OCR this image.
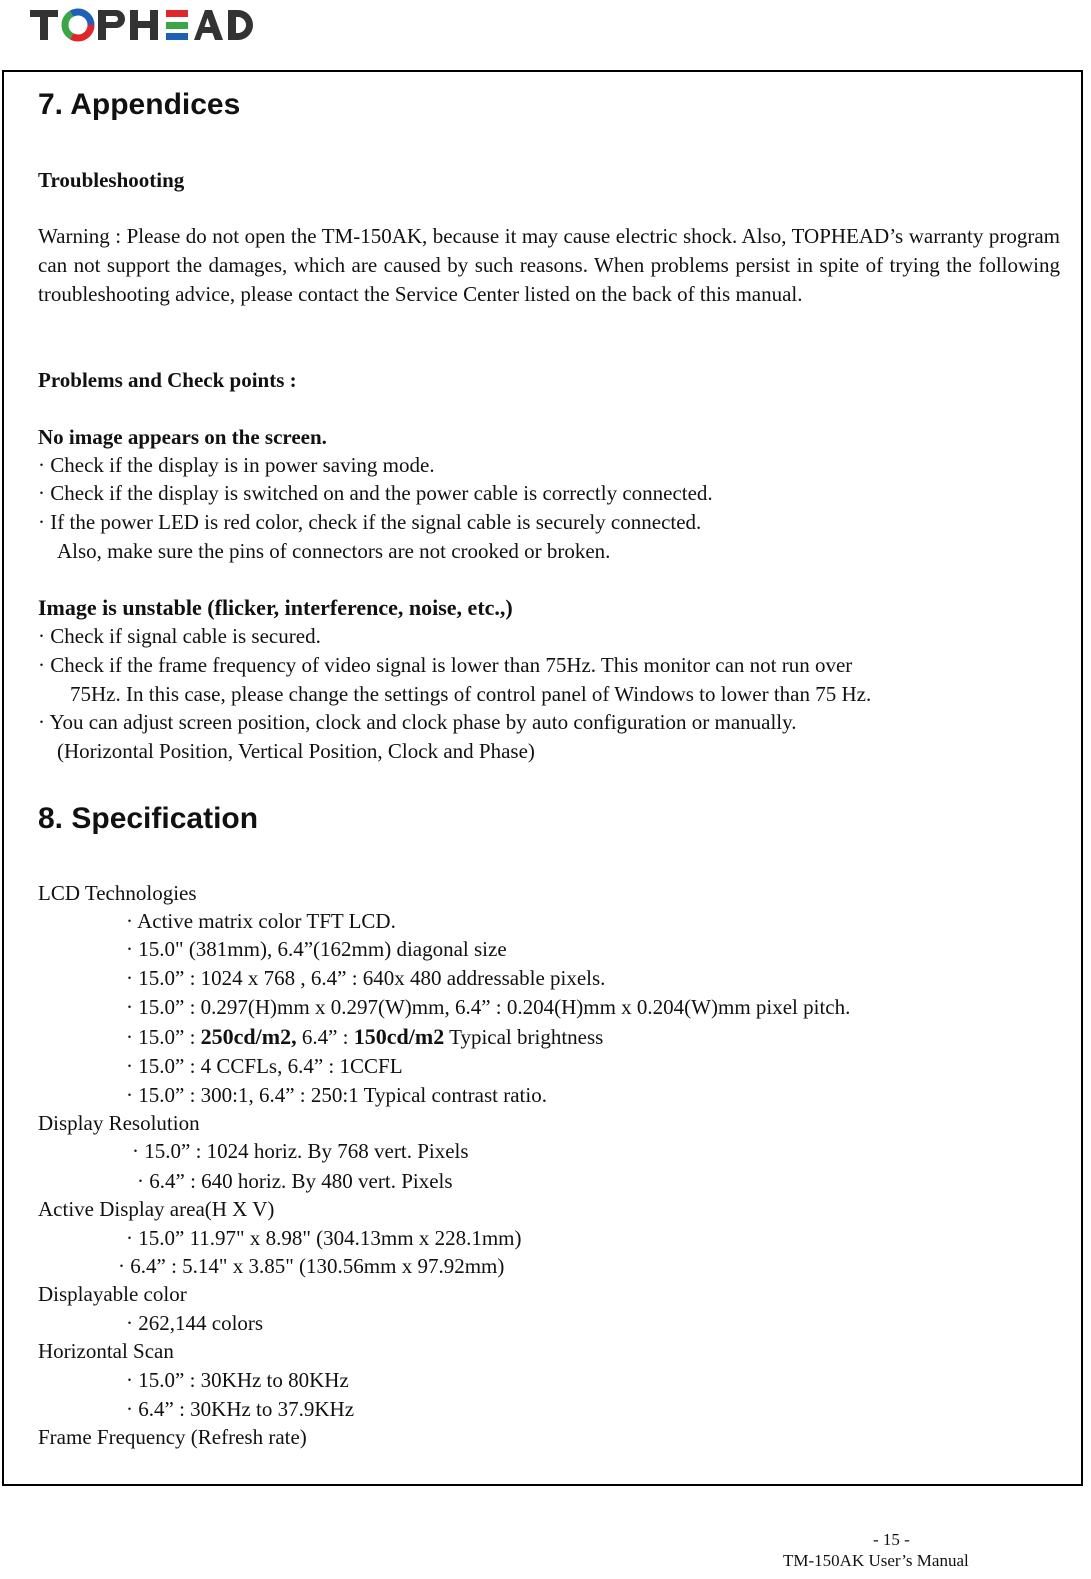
7. Appendices
Troubleshooting
Warning : Please do not open the TM-150AK, because it may cause electric shock. Also, TOPHEAD’s warranty program can not support the damages, which are caused by such reasons. When problems persist in spite of trying the following troubleshooting advice, please contact the Service Center listed on the back of this manual.
Problems and Check points :
No image appears on the screen.
· Check if the display is in power saving mode.
· Check if the display is switched on and the power cable is correctly connected.
· If the power LED is red color, check if the signal cable is securely connected.
Also, make sure the pins of connectors are not crooked or broken.
Image is unstable (flicker, interference, noise, etc.,)
· Check if signal cable is secured.
· Check if the frame frequency of video signal is lower than 75Hz. This monitor can not run over
75Hz. In this case, please change the settings of control panel of Windows to lower than 75 Hz.
· You can adjust screen position, clock and clock phase by auto configuration or manually.
(Horizontal Position, Vertical Position, Clock and Phase)
8. Specification
LCD Technologies
· Active matrix color TFT LCD.
· 15.0" (381mm), 6.4”(162mm) diagonal size
· 15.0” : 1024 x 768 , 6.4” : 640x 480 addressable pixels.
· 15.0” : 0.297(H)mm x 0.297(W)mm, 6.4” : 0.204(H)mm x 0.204(W)mm pixel pitch.
· 15.0” : 250cd/m2, 6.4” : 150cd/m2 Typical brightness
· 15.0” : 4 CCFLs, 6.4” : 1CCFL
· 15.0” : 300:1, 6.4” : 250:1 Typical contrast ratio.
Display Resolution
· 15.0” : 1024 horiz. By 768 vert. Pixels
· 6.4” : 640 horiz. By 480 vert. Pixels
Active Display area(H X V)
· 15.0” 11.97" x 8.98" (304.13mm x 228.1mm)
· 6.4” : 5.14" x 3.85" (130.56mm x 97.92mm)
Displayable color
· 262,144 colors
Horizontal Scan
· 15.0” : 30KHz to 80KHz
· 6.4” : 30KHz to 37.9KHz
Frame Frequency (Refresh rate)
- 15 -
TM-150AK User’s Manual
